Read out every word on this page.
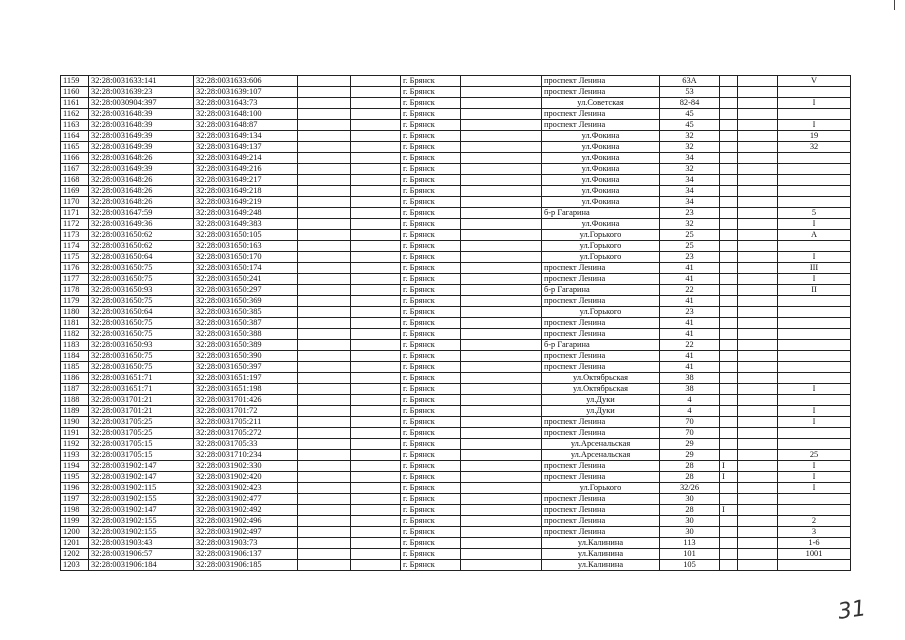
1159	32:28:0031633:141	32:28:0031633:606			г. Брянск		проспект Ленина	63А			V
1160	32:28:0031639:23	32:28:0031639:107			г. Брянск		проспект Ленина	53			
1161	32:28:0030904:397	32:28:0031643:73			г. Брянск		ул.Советская	82-84			I
1162	32:28:0031648:39	32:28:0031648:100			г. Брянск		проспект Ленина	45			
1163	32:28:0031648:39	32:28:0031648:87			г. Брянск		проспект Ленина	45			I
1164	32:28:0031649:39	32:28:0031649:134			г. Брянск		ул.Фокина	32			19
1165	32:28:0031649:39	32:28:0031649:137			г. Брянск		ул.Фокина	32			32
1166	32:28:0031648:26	32:28:0031649:214			г. Брянск		ул.Фокина	34			
1167	32:28:0031649:39	32:28:0031649:216			г. Брянск		ул.Фокина	32			
1168	32:28:0031648:26	32:28:0031649:217			г. Брянск		ул.Фокина	34			
1169	32:28:0031648:26	32:28:0031649:218			г. Брянск		ул.Фокина	34			
1170	32:28:0031648:26	32:28:0031649:219			г. Брянск		ул.Фокина	34			
1171	32:28:0031647:59	32:28:0031649:248			г. Брянск		б-р Гагарина	23			5
1172	32:28:0031649:36	32:28:0031649:383			г. Брянск		ул.Фокина	32			I
1173	32:28:0031650:62	32:28:0031650:105			г. Брянск		ул.Горького	25			А
1174	32:28:0031650:62	32:28:0031650:163			г. Брянск		ул.Горького	25			
1175	32:28:0031650:64	32:28:0031650:170			г. Брянск		ул.Горького	23			I
1176	32:28:0031650:75	32:28:0031650:174			г. Брянск		проспект Ленина	41			III
1177	32:28:0031650:75	32:28:0031650:241			г. Брянск		проспект Ленина	41			I
1178	32:28:0031650:93	32:28:0031650:297			г. Брянск		б-р Гагарина	22			II
1179	32:28:0031650:75	32:28:0031650:369			г. Брянск		проспект Ленина	41			
1180	32:28:0031650:64	32:28:0031650:385			г. Брянск		ул.Горького	23			
1181	32:28:0031650:75	32:28:0031650:387			г. Брянск		проспект Ленина	41			
1182	32:28:0031650:75	32:28:0031650:388			г. Брянск		проспект Ленина	41			
1183	32:28:0031650:93	32:28:0031650:389			г. Брянск		б-р Гагарина	22			
1184	32:28:0031650:75	32:28:0031650:390			г. Брянск		проспект Ленина	41			
1185	32:28:0031650:75	32:28:0031650:397			г. Брянск		проспект Ленина	41			
1186	32:28:0031651:71	32:28:0031651:197			г. Брянск		ул.Октябрьская	38			
1187	32:28:0031651:71	32:28:0031651:198			г. Брянск		ул.Октябрьская	38			I
1188	32:28:0031701:21	32:28:0031701:426			г. Брянск		ул.Дуки	4			
1189	32:28:0031701:21	32:28:0031701:72			г. Брянск		ул.Дуки	4			I
1190	32:28:0031705:25	32:28:0031705:211			г. Брянск		проспект Ленина	70			I
1191	32:28:0031705:25	32:28:0031705:272			г. Брянск		проспект Ленина	70			
1192	32:28:0031705:15	32:28:0031705:33			г. Брянск		ул.Арсенальская	29			
1193	32:28:0031705:15	32:28:0031710:234			г. Брянск		ул.Арсенальская	29			25
1194	32:28:0031902:147	32:28:0031902:330			г. Брянск		проспект Ленина	28	I		I
1195	32:28:0031902:147	32:28:0031902:420			г. Брянск		проспект Ленина	28	I		I
1196	32:28:0031902:115	32:28:0031902:423			г. Брянск		ул.Горького	32/26			I
1197	32:28:0031902:155	32:28:0031902:477			г. Брянск		проспект Ленина	30			
1198	32:28:0031902:147	32:28:0031902:492			г. Брянск		проспект Ленина	28	I		
1199	32:28:0031902:155	32:28:0031902:496			г. Брянск		проспект Ленина	30			2
1200	32:28:0031902:155	32:28:0031902:497			г. Брянск		проспект Ленина	30			3
1201	32:28:0031903:43	32:28:0031903:73			г. Брянск		ул.Калинина	113			1-6
1202	32:28:0031906:57	32:28:0031906:137			г. Брянск		ул.Калинина	101			1001
1203	32:28:0031906:184	32:28:0031906:185			г. Брянск		ул.Калинина	105			
31
